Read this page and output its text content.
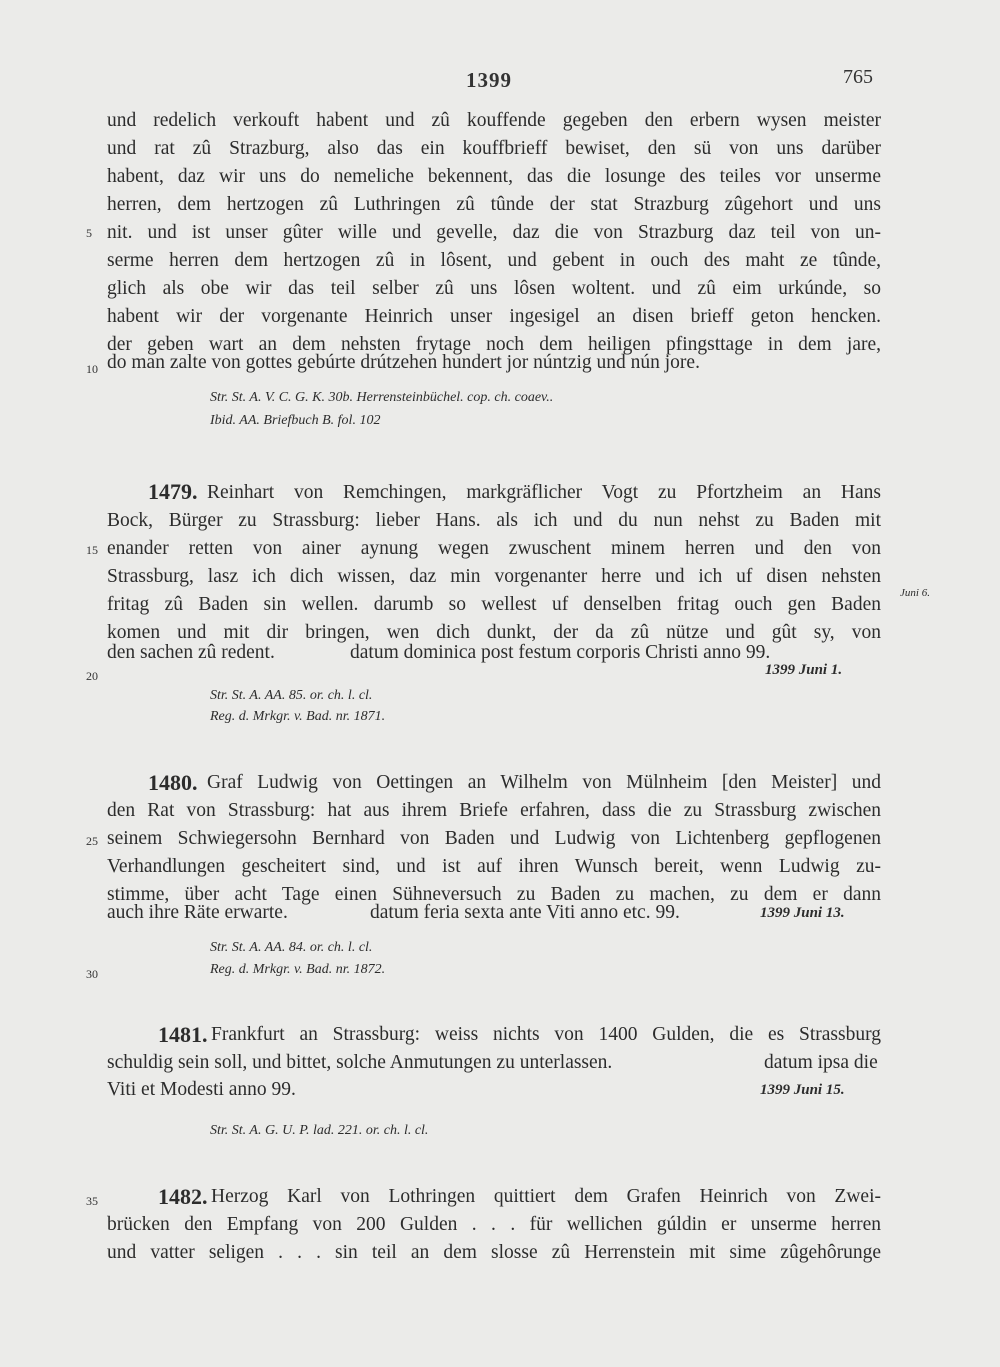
1399	765
und redelich verkouft habent und zû kouffende gegeben den erbern wysen meister
und rat zû Strazburg, also das ein kouffbrieff bewiset, den sü von uns darüber
habent, daz wir uns do nemeliche bekennent, das die losunge des teiles vor unserme
herren, dem hertzogen zû Luthringen zû tûnde der stat Strazburg zûgehort und uns
nit. und ist unser gûter wille und gevelle, daz die von Strazburg daz teil von un-
serme herren dem hertzogen zû in lôsent, und gebent in ouch des maht ze tûnde,
glich als obe wir das teil selber zû uns lôsen woltent. und zû eim urkúnde, so
habent wir der vorgenante Heinrich unser ingesigel an disen brieff geton hencken.
der geben wart an dem nehsten frytage noch dem heiligen pfingsttage in dem jare,
do man zalte von gottes gebúrte drútzehen hundert jor núntzig und nún jore.
Str. St. A. V. C. G. K. 30b. Herrensteinbüchel. cop. ch. coaev..
Ibid. AA. Briefbuch B. fol. 102
1479. Reinhart von Remchingen, markgräflicher Vogt zu Pfortzheim an Hans
Bock, Bürger zu Strassburg: lieber Hans. als ich und du nun nehst zu Baden mit
enander retten von ainer aynung wegen zwuschent minem herren und den von
Strassburg, lasz ich dich wissen, daz min vorgenanter herre und ich uf disen nehsten
fritag zû Baden sin wellen. darumb so wellest uf denselben fritag ouch gen Baden
komen und mit dir bringen, wen dich dunkt, der da zû nütze und gût sy, von
den sachen zû redent.	datum dominica post festum corporis Christi anno 99.
Juni 6.
1399 Juni 1.
Str. St. A. AA. 85. or. ch. l. cl.
Reg. d. Mrkgr. v. Bad. nr. 1871.
1480. Graf Ludwig von Oettingen an Wilhelm von Mülnheim [den Meister] und
den Rat von Strassburg: hat aus ihrem Briefe erfahren, dass die zu Strassburg zwischen
seinem Schwiegersohn Bernhard von Baden und Ludwig von Lichtenberg gepflogenen
Verhandlungen gescheitert sind, und ist auf ihren Wunsch bereit, wenn Ludwig zu-
stimme, über acht Tage einen Sühneversuch zu Baden zu machen, zu dem er dann
auch ihre Räte erwarte.	datum feria sexta ante Viti anno etc. 99.	1399 Juni 13.
Str. St. A. AA. 84. or. ch. l. cl.
Reg. d. Mrkgr. v. Bad. nr. 1872.
1481. Frankfurt an Strassburg: weiss nichts von 1400 Gulden, die es Strassburg
schuldig sein soll, und bittet, solche Anmutungen zu unterlassen.	datum ipsa die
Viti et Modesti anno 99.	1399 Juni 15.
Str. St. A. G. U. P. lad. 221. or. ch. l. cl.
1482. Herzog Karl von Lothringen quittiert dem Grafen Heinrich von Zwei-
brücken den Empfang von 200 Gulden . . . für wellichen gúldin er unserme herren
und vatter seligen . . . sin teil an dem slosse zû Herrenstein mit sime zûgehôrunge
5
10
15
20
25
30
35
